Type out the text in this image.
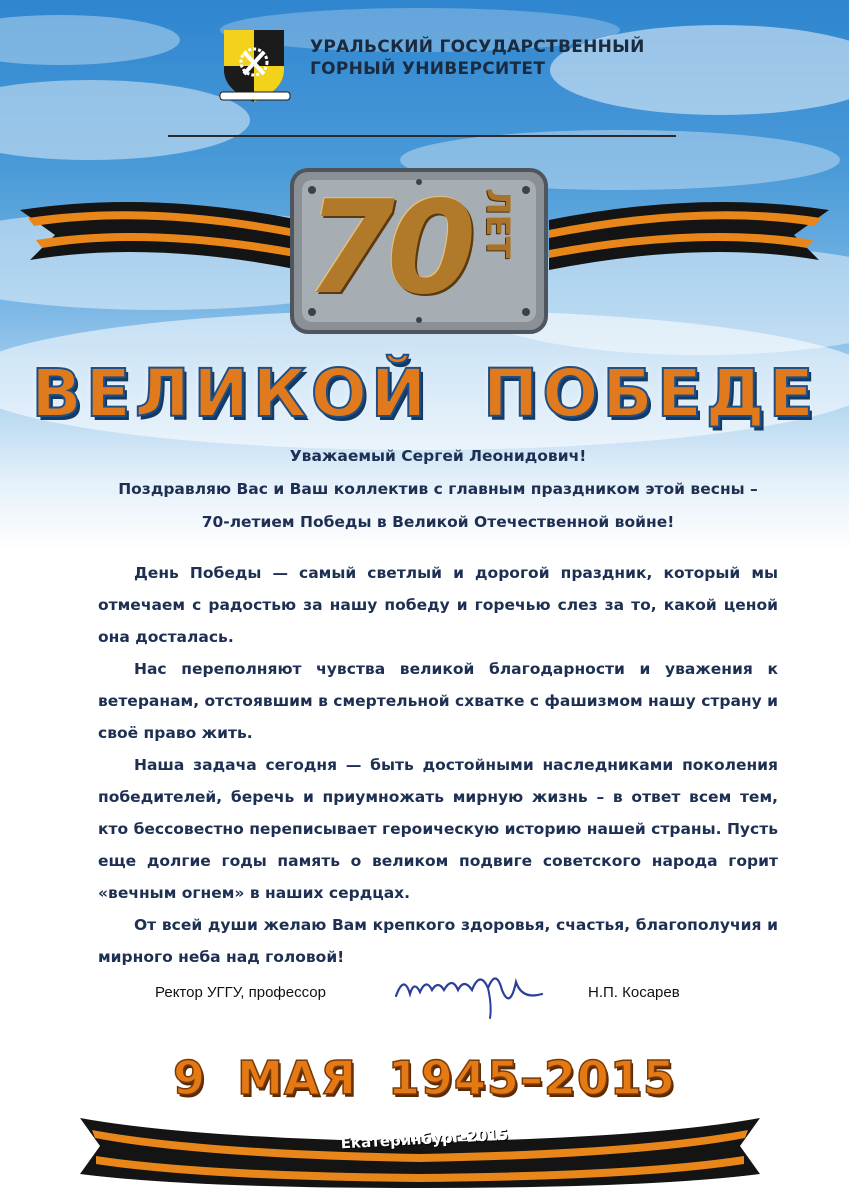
УРАЛЬСКИЙ ГОСУДАРСТВЕННЫЙ
ГОРНЫЙ УНИВЕРСИТЕТ
70 ЛЕТ
ВЕЛИКОЙ ПОБЕДЕ

Уважаемый Сергей Леонидович!

Поздравляю Вас и Ваш коллектив с главным праздником этой весны –

70-летием Победы в Великой Отечественной войне!

День Победы — самый светлый и дорогой праздник, который мы отмечаем с радостью за нашу победу и горечью слез за то, какой ценой она досталась.

Нас переполняют чувства великой благодарности и уважения к ветеранам, отстоявшим в смертельной схватке с фашизмом нашу страну и своё право жить.

Наша задача сегодня — быть достойными наследниками поколения победителей, беречь и приумножать мирную жизнь – в ответ всем тем, кто бессовестно переписывает героическую историю нашей страны. Пусть еще долгие годы память о великом подвиге советского народа горит «вечным огнем» в наших сердцах.

От всей души желаю Вам крепкого здоровья, счастья, благополучия и мирного неба над головой!

Ректор УГГУ, профессор	Н.П. Косарев
9 МАЯ 1945–2015
Екатеринбург-2015
